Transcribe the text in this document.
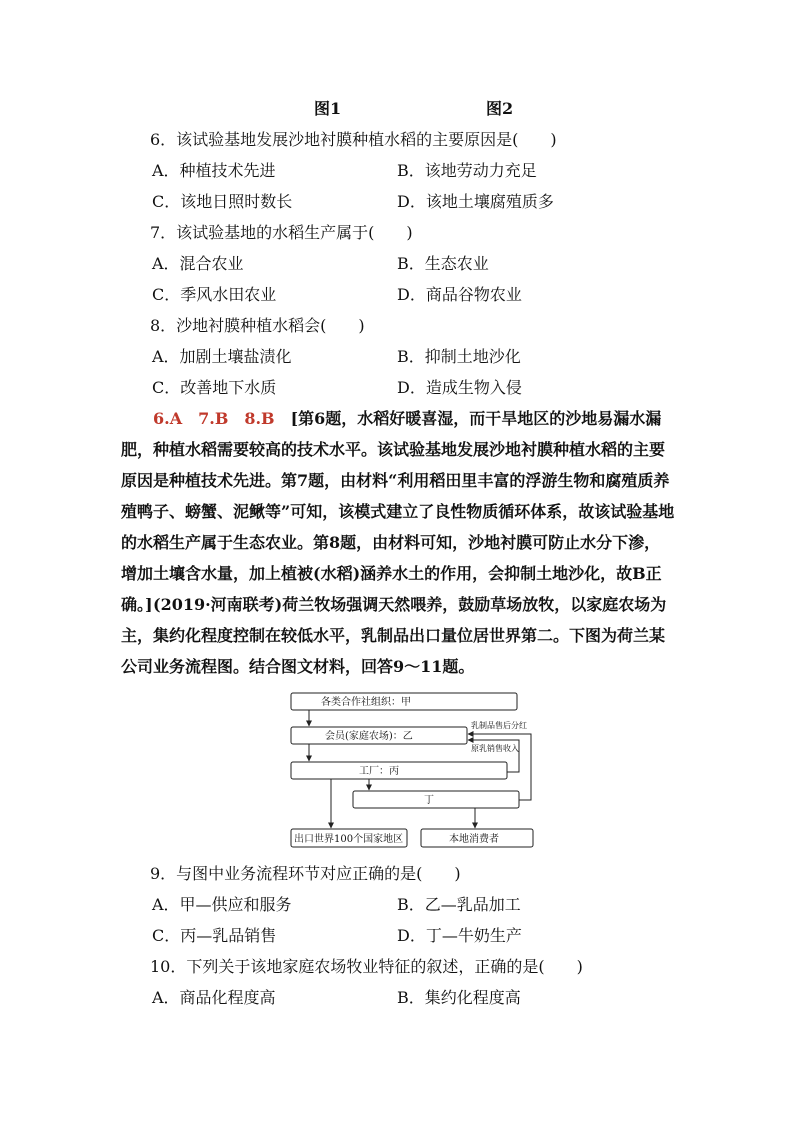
图1	图2
6．该试验基地发展沙地衬膜种植水稻的主要原因是(　　)
A．种植技术先进	B．该地劳动力充足
C．该地日照时数长	D．该地土壤腐殖质多
7．该试验基地的水稻生产属于(　　)
A．混合农业	B．生态农业
C．季风水田农业	D．商品谷物农业
8．沙地衬膜种植水稻会(　　)
A．加剧土壤盐渍化	B．抑制土地沙化
C．改善地下水质	D．造成生物入侵
6.A　7.B　8.B　 [第6题，水稻好暖喜湿，而干旱地区的沙地易漏水漏肥，种植水稻需要较高的技术水平。该试验基地发展沙地衬膜种植水稻的主要原因是种植技术先进。第7题，由材料“利用稻田里丰富的浮游生物和腐殖质养殖鸭子、螃蟹、泥鳅等”可知，该模式建立了良性物质循环体系，故该试验基地的水稻生产属于生态农业。第8题，由材料可知，沙地衬膜可防止水分下渗，增加土壤含水量，加上植被(水稻)涵养水土的作用，会抑制土地沙化，故B正确。] (2019·河南联考)荷兰牧场强调天然喂养，鼓励草场放牧，以家庭农场为主，集约化程度控制在较低水平，乳制品出口量位居世界第二。下图为荷兰某公司业务流程图。结合图文材料，回答9～11题。
各类合作社组织：甲
会员(家庭农场)：乙
工厂：丙
丁
出口世界100个国家地区	本地消费者
乳制品售后分红
原乳销售收入
9．与图中业务流程环节对应正确的是(　　)
A．甲—供应和服务	B．乙—乳品加工
C．丙—乳品销售	D．丁—牛奶生产
10．下列关于该地家庭农场牧业特征的叙述，正确的是(　　)
A．商品化程度高	B．集约化程度高
